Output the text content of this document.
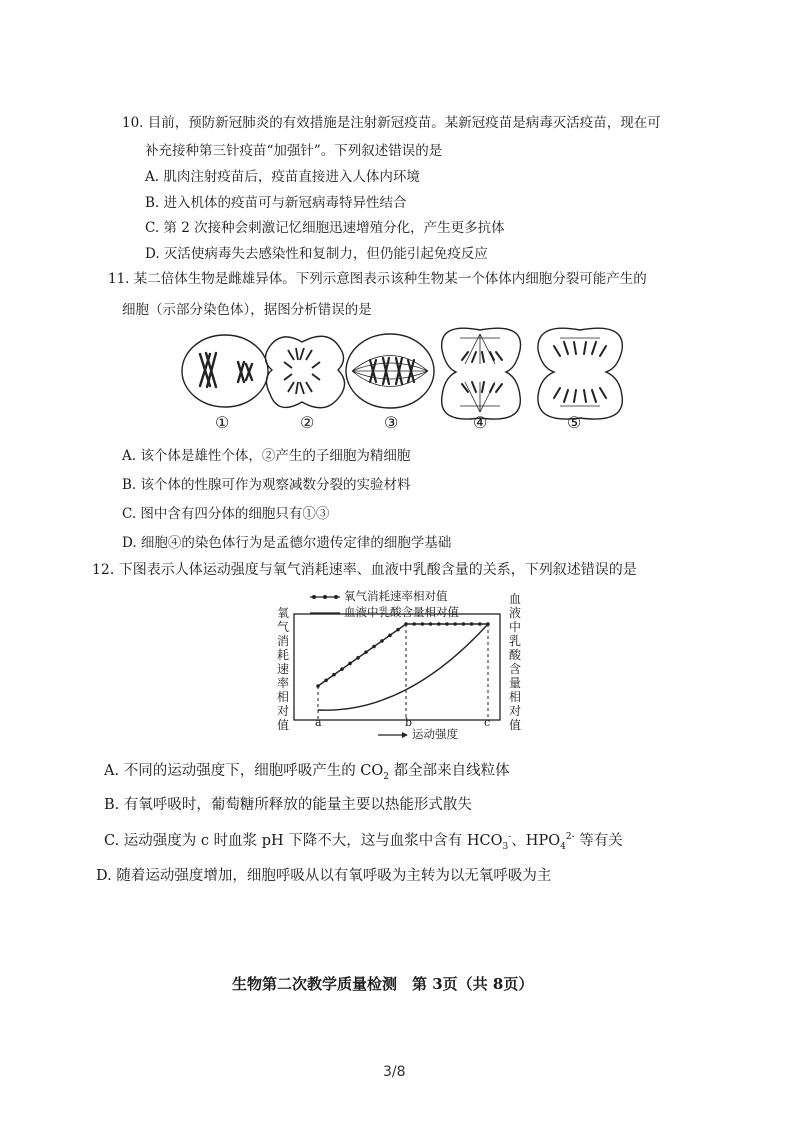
10. 目前，预防新冠肺炎的有效措施是注射新冠疫苗。某新冠疫苗是病毒灭活疫苗，现在可
补充接种第三针疫苗“加强针”。下列叙述错误的是
A. 肌肉注射疫苗后，疫苗直接进入人体内环境
B. 进入机体的疫苗可与新冠病毒特异性结合
C. 第 2 次接种会刺激记忆细胞迅速增殖分化，产生更多抗体
D. 灭活使病毒失去感染性和复制力，但仍能引起免疫反应
11. 某二倍体生物是雌雄异体。下列示意图表示该种生物某一个体体内细胞分裂可能产生的
细胞（示部分染色体），据图分析错误的是
①	②	③	④	⑤
A. 该个体是雄性个体，②产生的子细胞为精细胞
B. 该个体的性腺可作为观察减数分裂的实验材料
C. 图中含有四分体的细胞只有①③
D. 细胞④的染色体行为是孟德尔遗传定律的细胞学基础
12. 下图表示人体运动强度与氧气消耗速率、血液中乳酸含量的关系，下列叙述错误的是
氧气消耗速率相对值
血液中乳酸含量相对值
氧气消耗速率相对值
血液中乳酸含量相对值
a	b	c
运动强度
A. 不同的运动强度下，细胞呼吸产生的 $CO_2$ 都全部来自线粒体
B. 有氧呼吸时，葡萄糖所释放的能量主要以热能形式散失
C. 运动强度为 c 时血浆 pH 下降不大，这与血浆中含有 $HCO_3^-$、$HPO_4^{2-}$ 等有关
D. 随着运动强度增加，细胞呼吸从以有氧呼吸为主转为以无氧呼吸为主
生物第二次教学质量检测　第 3页（共 8页）
3/8
